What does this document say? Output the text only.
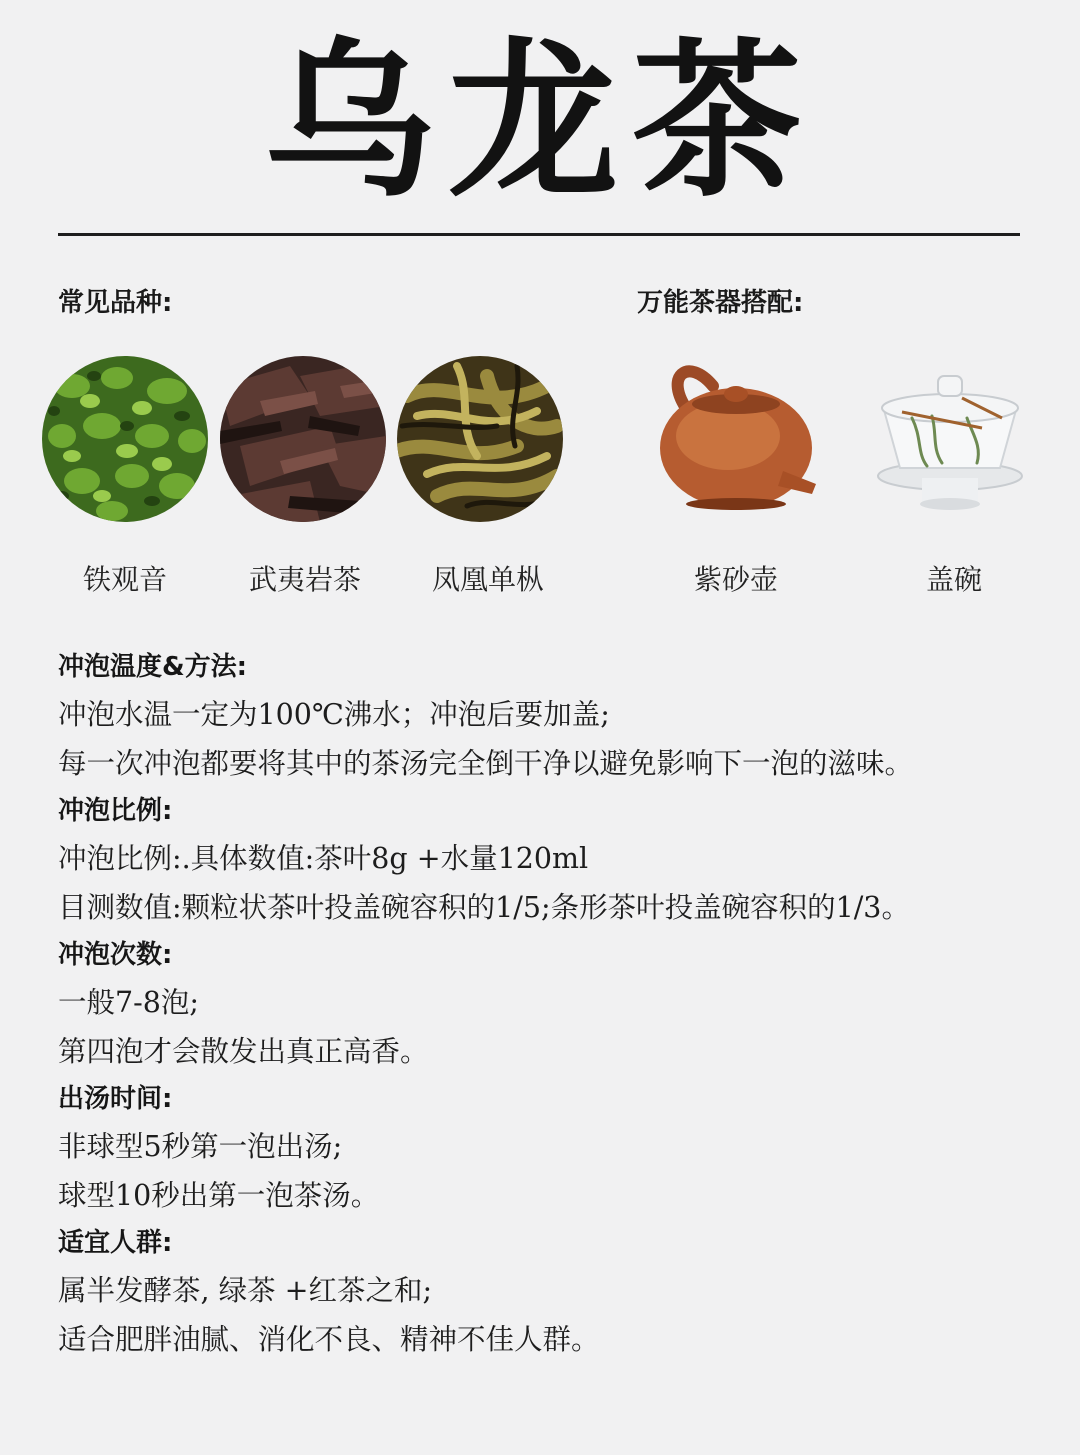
乌龙茶
常见品种:
铁观音	武夷岩茶	凤凰单枞
万能茶器搭配:
紫砂壶	盖碗
冲泡温度&方法:
冲泡水温一定为100℃沸水；冲泡后要加盖;
每一次冲泡都要将其中的茶汤完全倒干净以避免影响下一泡的滋味。
冲泡比例:
冲泡比例:.具体数值:茶叶8g +水量120ml
目测数值:颗粒状茶叶投盖碗容积的1/5;条形茶叶投盖碗容积的1/3。
冲泡次数:
一般7-8泡;
第四泡才会散发出真正高香。
出汤时间:
非球型5秒第一泡出汤;
球型10秒出第一泡茶汤。
适宜人群:
属半发酵茶, 绿茶 +红茶之和;
适合肥胖油腻、消化不良、精神不佳人群。
